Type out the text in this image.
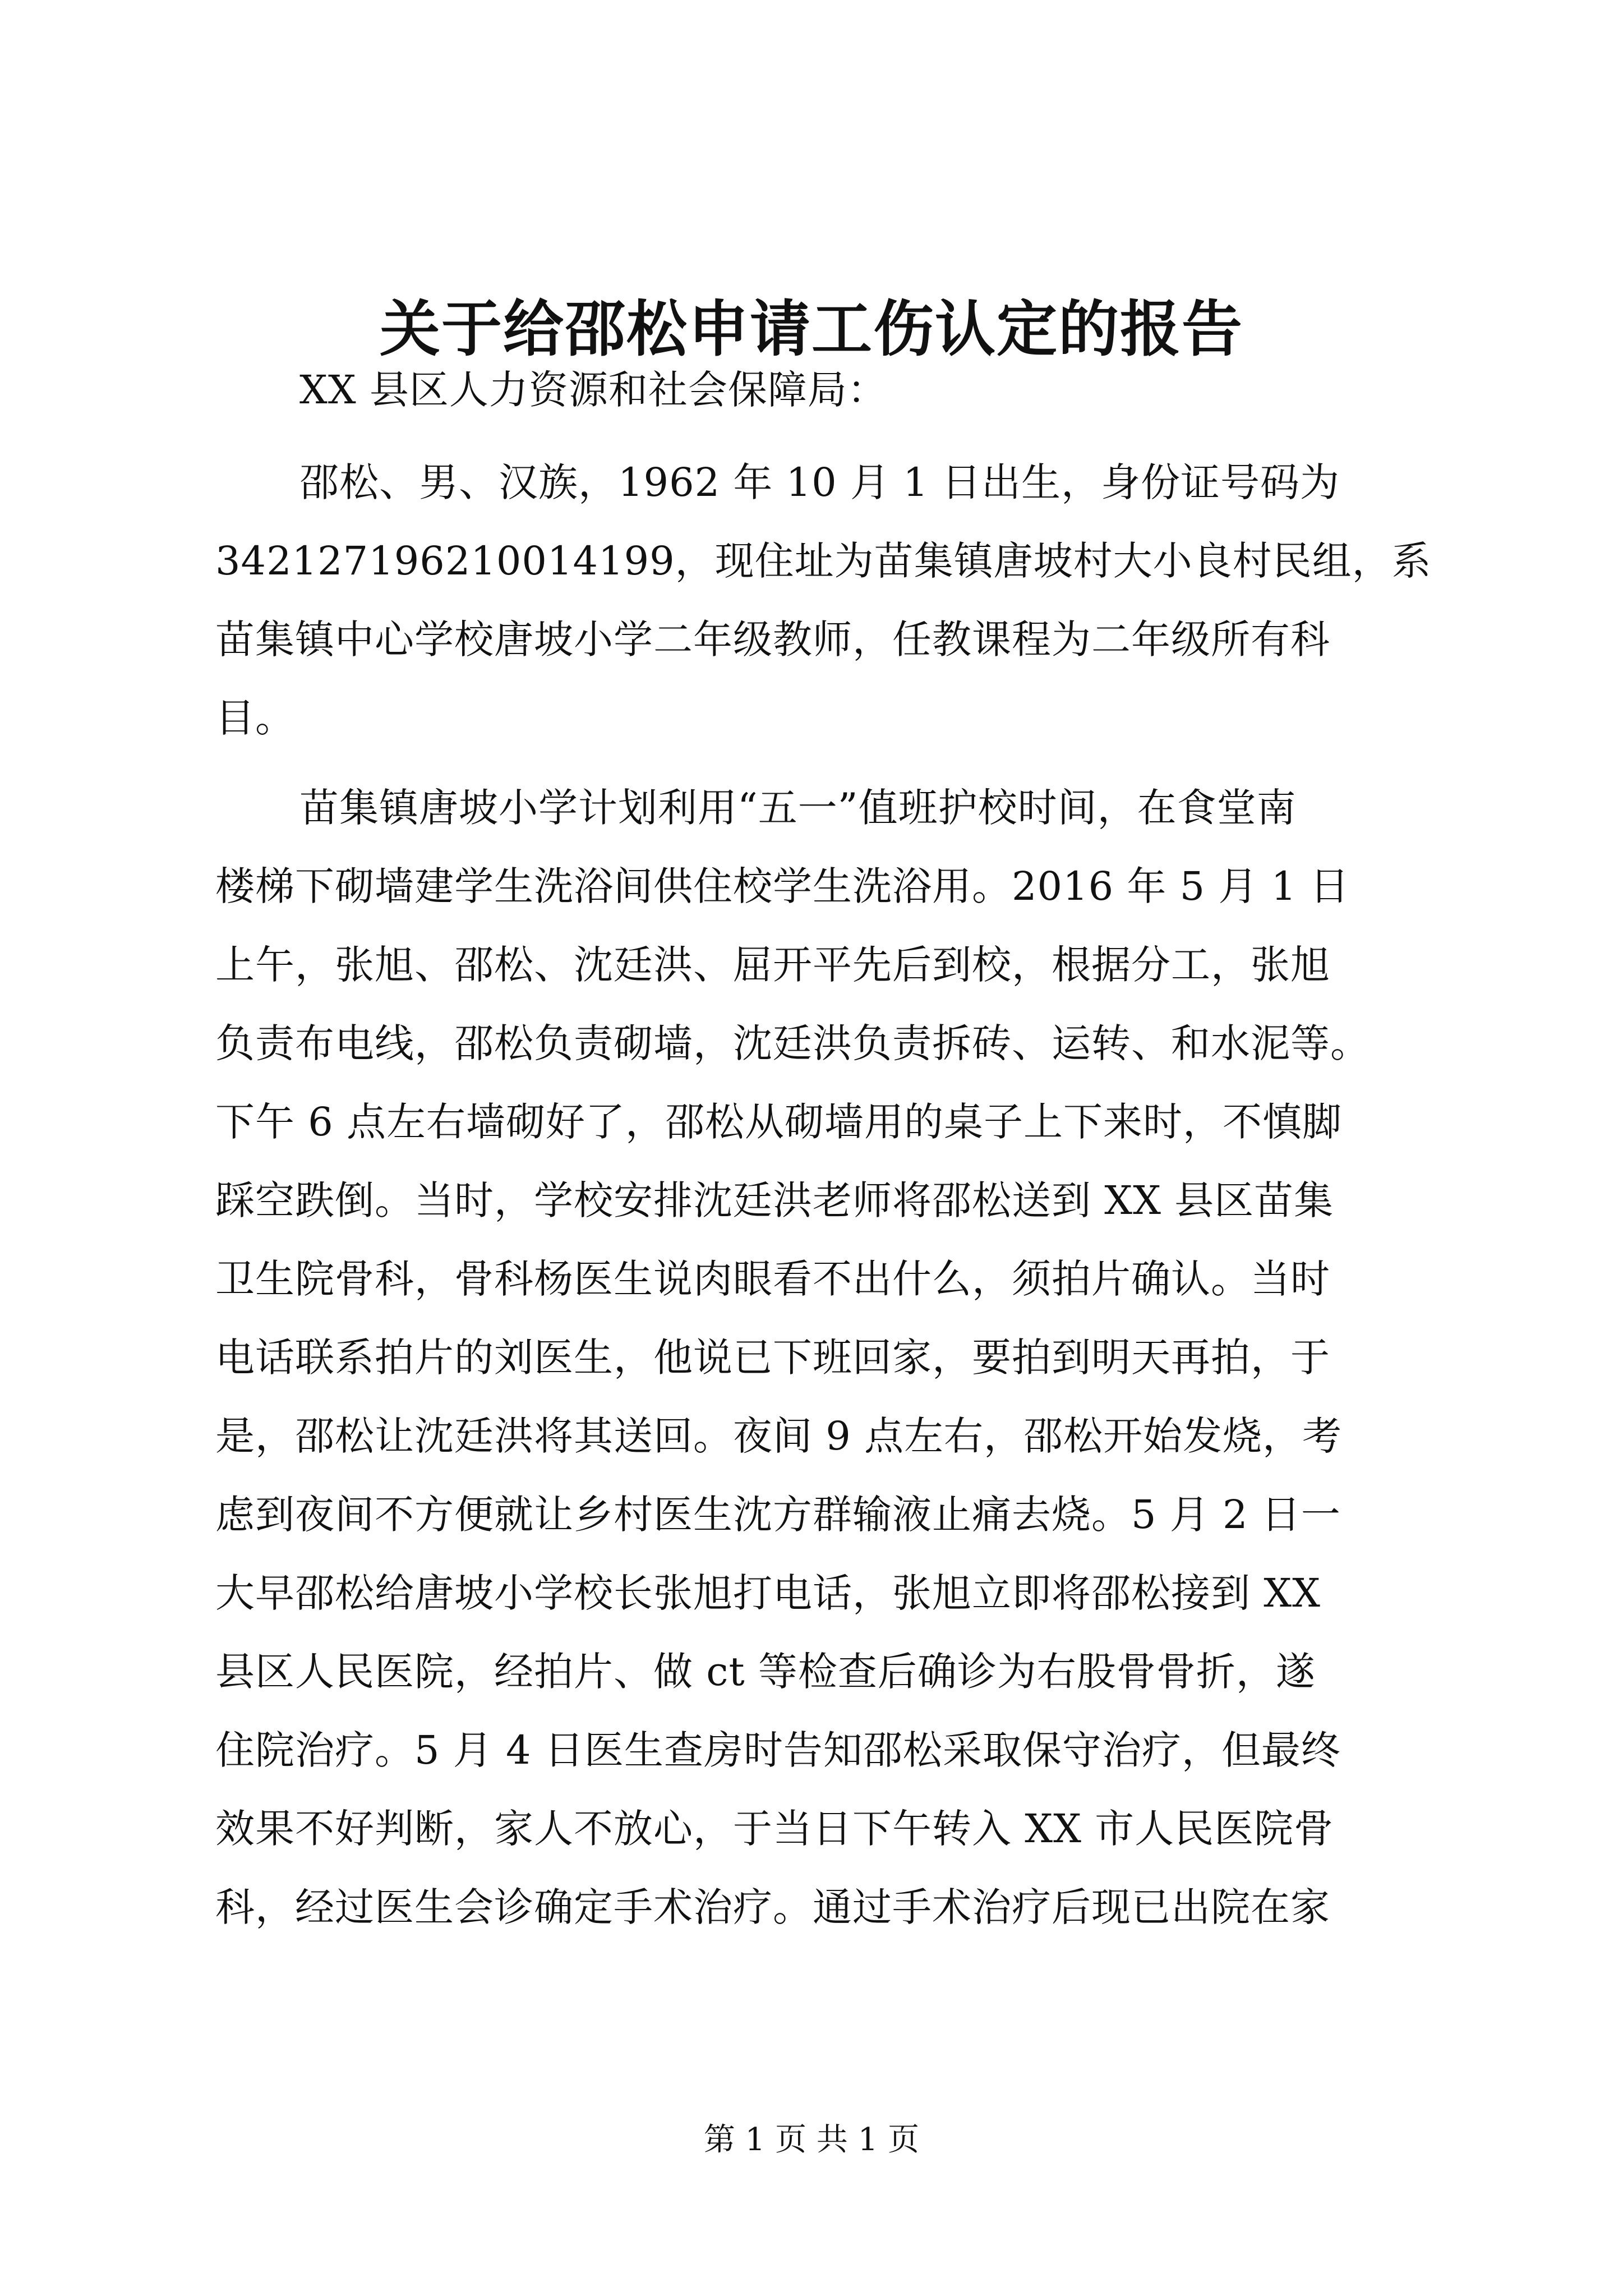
关于给邵松申请工伤认定的报告
XX 县区人力资源和社会保障局：
邵松、男、汉族，1962 年 10 月 1 日出生，身份证号码为
342127196210014199，现住址为苗集镇唐坡村大小良村民组，系
苗集镇中心学校唐坡小学二年级教师，任教课程为二年级所有科
目。
苗集镇唐坡小学计划利用“五一”值班护校时间，在食堂南
楼梯下砌墙建学生洗浴间供住校学生洗浴用。2016 年 5 月 1 日
上午，张旭、邵松、沈廷洪、屈开平先后到校，根据分工，张旭
负责布电线，邵松负责砌墙，沈廷洪负责拆砖、运转、和水泥等。
下午 6 点左右墙砌好了，邵松从砌墙用的桌子上下来时，不慎脚
踩空跌倒。当时，学校安排沈廷洪老师将邵松送到 XX 县区苗集
卫生院骨科，骨科杨医生说肉眼看不出什么，须拍片确认。当时
电话联系拍片的刘医生，他说已下班回家，要拍到明天再拍，于
是，邵松让沈廷洪将其送回。夜间 9 点左右，邵松开始发烧，考
虑到夜间不方便就让乡村医生沈方群输液止痛去烧。5 月 2 日一
大早邵松给唐坡小学校长张旭打电话，张旭立即将邵松接到 XX
县区人民医院，经拍片、做 ct 等检查后确诊为右股骨骨折，遂
住院治疗。5 月 4 日医生查房时告知邵松采取保守治疗，但最终
效果不好判断，家人不放心，于当日下午转入 XX 市人民医院骨
科，经过医生会诊确定手术治疗。通过手术治疗后现已出院在家
第 1 页 共 1 页
